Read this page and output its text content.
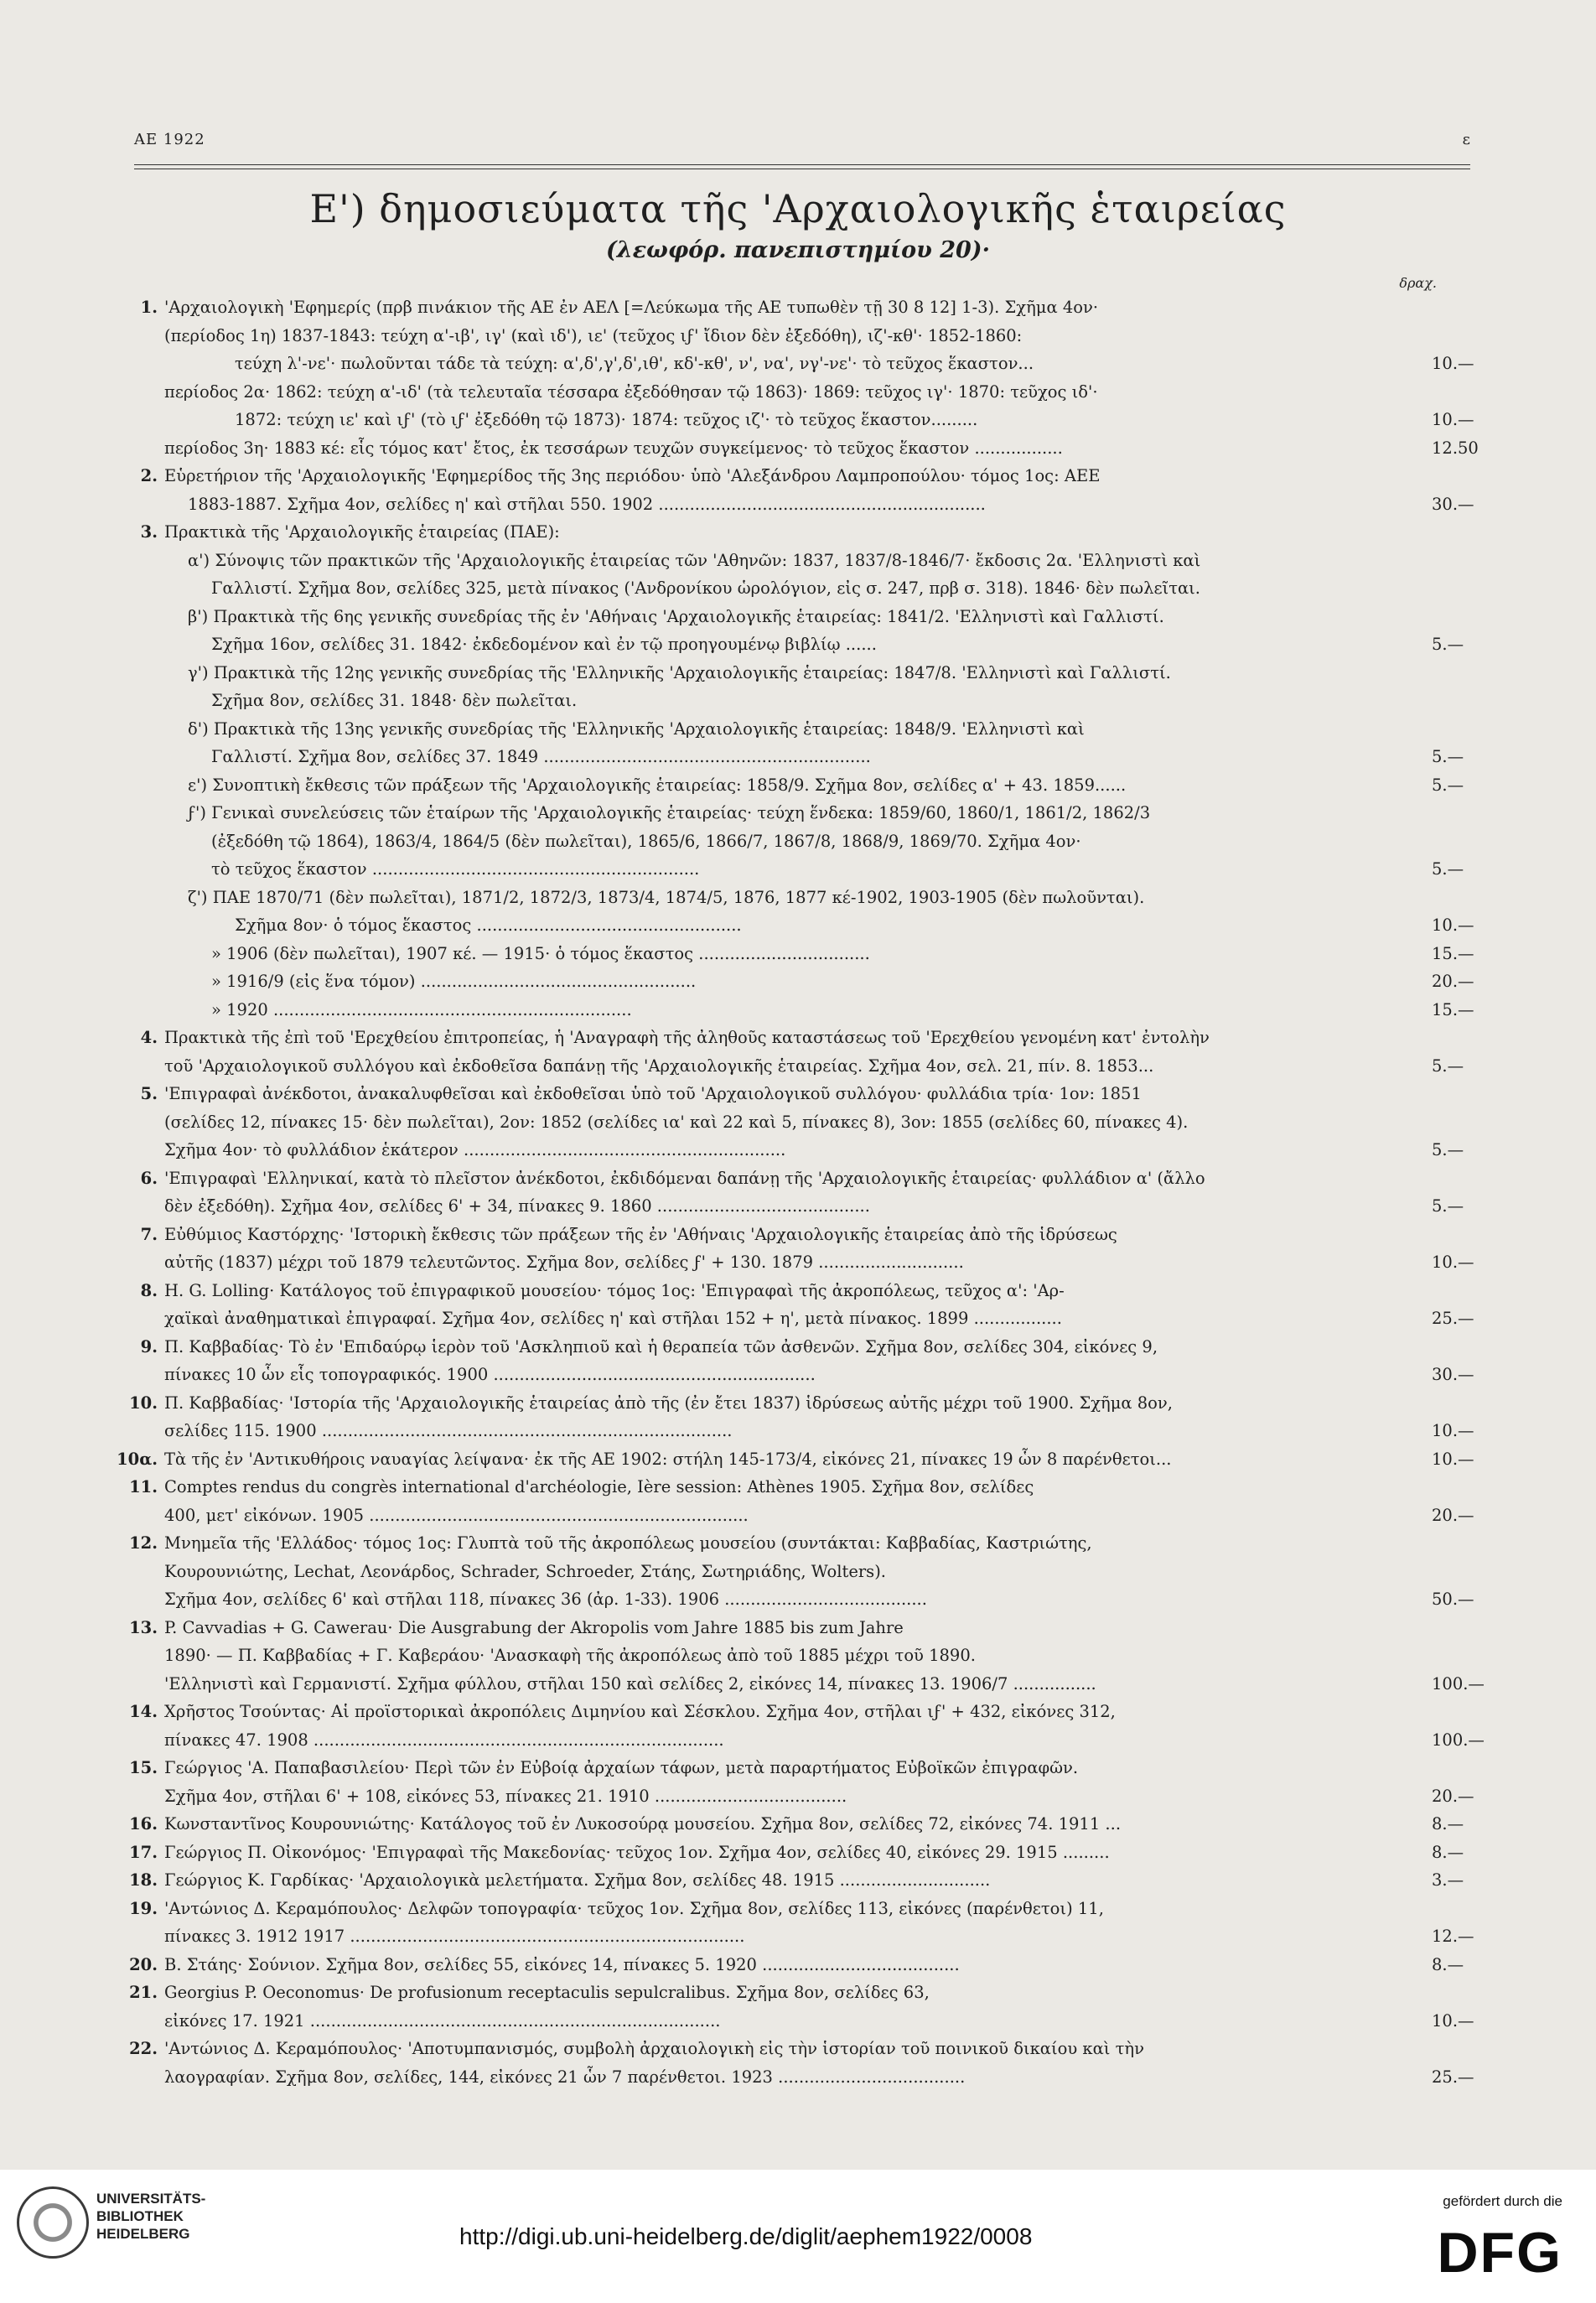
ΑΕ 1922	ε
Ε') δημοσιεύματα τῆς 'Αρχαιολογικῆς ἑταιρείας
(λεωφόρ. πανεπιστημίου 20)·
δραχ.
1. 'Αρχαιολογικὴ 'Εφημερίς (πρβ πινάκιον τῆς ΑΕ ἐν ΑΕΛ [=Λεύκωμα τῆς ΑΕ τυπωθὲν τῇ 30 8 12] 1-3). Σχῆμα 4ον·
(περίοδος 1η) 1837-1843: τεύχη α'-ιβ', ιγ' (καὶ ιδ'), ιε' (τεῦχος ιϝ' ἴδιον δὲν ἐξεδόθη), ιζ'-κθ'· 1852-1860:
τεύχη λ'-νε'· πωλοῦνται τάδε τὰ τεύχη: α',δ',γ',δ',ιθ', κδ'-κθ', ν', να', νγ'-νε'· τὸ τεῦχος ἕκαστον...	10.—
περίοδος 2α· 1862: τεύχη α'-ιδ' (τὰ τελευταῖα τέσσαρα ἐξεδόθησαν τῷ 1863)· 1869: τεῦχος ιγ'· 1870: τεῦχος ιδ'·
1872: τεύχη ιε' καὶ ιϝ' (τὸ ιϝ' ἐξεδόθη τῷ 1873)· 1874: τεῦχος ιζ'· τὸ τεῦχος ἕκαστον.........	10.—
περίοδος 3η· 1883 κέ: εἷς τόμος κατ' ἔτος, ἐκ τεσσάρων τευχῶν συγκείμενος· τὸ τεῦχος ἕκαστον .................	12.50
2. Εὑρετήριον τῆς 'Αρχαιολογικῆς 'Εφημερίδος τῆς 3ης περιόδου· ὑπὸ 'Αλεξάνδρου Λαμπροπούλου· τόμος 1ος: ΑΕΕ
1883-1887. Σχῆμα 4ον, σελίδες η' καὶ στῆλαι 550. 1902 ...............................................................	30.—
3. Πρακτικὰ τῆς 'Αρχαιολογικῆς ἑταιρείας (ΠΑΕ):
α') Σύνοψις τῶν πρακτικῶν τῆς 'Αρχαιολογικῆς ἑταιρείας τῶν 'Αθηνῶν: 1837, 1837/8-1846/7· ἔκδοσις 2α. 'Ελληνιστὶ καὶ
Γαλλιστί. Σχῆμα 8ον, σελίδες 325, μετὰ πίνακος ('Ανδρονίκου ὡρολόγιον, εἰς σ. 247, πρβ σ. 318). 1846· δὲν πωλεῖται.
β') Πρακτικὰ τῆς 6ης γενικῆς συνεδρίας τῆς ἐν 'Αθήναις 'Αρχαιολογικῆς ἑταιρείας: 1841/2. 'Ελληνιστὶ καὶ Γαλλιστί.
Σχῆμα 16ον, σελίδες 31. 1842· ἐκδεδομένον καὶ ἐν τῷ προηγουμένῳ βιβλίῳ ......	5.—
γ') Πρακτικὰ τῆς 12ης γενικῆς συνεδρίας τῆς 'Ελληνικῆς 'Αρχαιολογικῆς ἑταιρείας: 1847/8. 'Ελληνιστὶ καὶ Γαλλιστί.
Σχῆμα 8ον, σελίδες 31. 1848· δὲν πωλεῖται.
δ') Πρακτικὰ τῆς 13ης γενικῆς συνεδρίας τῆς 'Ελληνικῆς 'Αρχαιολογικῆς ἑταιρείας: 1848/9. 'Ελληνιστὶ καὶ
Γαλλιστί. Σχῆμα 8ον, σελίδες 37. 1849 ...............................................................	5.—
ε') Συνοπτικὴ ἔκθεσις τῶν πράξεων τῆς 'Αρχαιολογικῆς ἑταιρείας: 1858/9. Σχῆμα 8ον, σελίδες α' + 43. 1859......	5.—
ϝ') Γενικαὶ συνελεύσεις τῶν ἑταίρων τῆς 'Αρχαιολογικῆς ἑταιρείας· τεύχη ἕνδεκα: 1859/60, 1860/1, 1861/2, 1862/3
(ἐξεδόθη τῷ 1864), 1863/4, 1864/5 (δὲν πωλεῖται), 1865/6, 1866/7, 1867/8, 1868/9, 1869/70. Σχῆμα 4ον·
τὸ τεῦχος ἕκαστον ...............................................................	5.—
ζ') ΠΑΕ 1870/71 (δὲν πωλεῖται), 1871/2, 1872/3, 1873/4, 1874/5, 1876, 1877 κέ-1902, 1903-1905 (δὲν πωλοῦνται).
Σχῆμα 8ον· ὁ τόμος ἕκαστος ...................................................	10.—
» 1906 (δὲν πωλεῖται), 1907 κέ. — 1915· ὁ τόμος ἕκαστος .................................	15.—
» 1916/9 (εἰς ἕνα τόμον) .....................................................	20.—
» 1920 .....................................................................	15.—
4. Πρακτικὰ τῆς ἐπὶ τοῦ 'Ερεχθείου ἐπιτροπείας, ἡ 'Αναγραφὴ τῆς ἀληθοῦς καταστάσεως τοῦ 'Ερεχθείου γενομένη κατ' ἐντολὴν
τοῦ 'Αρχαιολογικοῦ συλλόγου καὶ ἐκδοθεῖσα δαπάνῃ τῆς 'Αρχαιολογικῆς ἑταιρείας. Σχῆμα 4ον, σελ. 21, πίν. 8. 1853...	5.—
5. 'Επιγραφαὶ ἀνέκδοτοι, ἀνακαλυφθεῖσαι καὶ ἐκδοθεῖσαι ὑπὸ τοῦ 'Αρχαιολογικοῦ συλλόγου· φυλλάδια τρία· 1ον: 1851
(σελίδες 12, πίνακες 15· δὲν πωλεῖται), 2ον: 1852 (σελίδες ια' καὶ 22 καὶ 5, πίνακες 8), 3ον: 1855 (σελίδες 60, πίνακες 4).
Σχῆμα 4ον· τὸ φυλλάδιον ἑκάτερον ..............................................................	5.—
6. 'Επιγραφαὶ 'Ελληνικαί, κατὰ τὸ πλεῖστον ἀνέκδοτοι, ἐκδιδόμεναι δαπάνῃ τῆς 'Αρχαιολογικῆς ἑταιρείας· φυλλάδιον α' (ἄλλο
δὲν ἐξεδόθη). Σχῆμα 4ον, σελίδες 6' + 34, πίνακες 9. 1860 .........................................	5.—
7. Εὐθύμιος Καστόρχης· 'Ιστορικὴ ἔκθεσις τῶν πράξεων τῆς ἐν 'Αθήναις 'Αρχαιολογικῆς ἑταιρείας ἀπὸ τῆς ἱδρύσεως
αὐτῆς (1837) μέχρι τοῦ 1879 τελευτῶντος. Σχῆμα 8ον, σελίδες ϝ' + 130. 1879 ............................	10.—
8. H. G. Lolling· Κατάλογος τοῦ ἐπιγραφικοῦ μουσείου· τόμος 1ος: 'Επιγραφαὶ τῆς ἀκροπόλεως, τεῦχος α': 'Αρ-
χαϊκαὶ ἀναθηματικαὶ ἐπιγραφαί. Σχῆμα 4ον, σελίδες η' καὶ στῆλαι 152 + η', μετὰ πίνακος. 1899 .................	25.—
9. Π. Καββαδίας· Τὸ ἐν 'Επιδαύρῳ ἱερὸν τοῦ 'Ασκληπιοῦ καὶ ἡ θεραπεία τῶν ἀσθενῶν. Σχῆμα 8ον, σελίδες 304, εἰκόνες 9,
πίνακες 10 ὧν εἷς τοπογραφικός. 1900 ..............................................................	30.—
10. Π. Καββαδίας· 'Ιστορία τῆς 'Αρχαιολογικῆς ἑταιρείας ἀπὸ τῆς (ἐν ἔτει 1837) ἱδρύσεως αὐτῆς μέχρι τοῦ 1900. Σχῆμα 8ον,
σελίδες 115. 1900 ...............................................................................	10.—
10α. Τὰ τῆς ἐν 'Αντικυθήροις ναυαγίας λείψανα· ἐκ τῆς ΑΕ 1902: στήλη 145-173/4, εἰκόνες 21, πίνακες 19 ὧν 8 παρένθετοι...	10.—
11. Comptes rendus du congrès international d'archéologie, Ière session: Athènes 1905. Σχῆμα 8ον, σελίδες
400, μετ' εἰκόνων. 1905 .........................................................................	20.—
12. Μνημεῖα τῆς 'Ελλάδος· τόμος 1ος: Γλυπτὰ τοῦ τῆς ἀκροπόλεως μουσείου (συντάκται: Καββαδίας, Καστριώτης,
Κουρουνιώτης, Lechat, Λεονάρδος, Schrader, Schroeder, Στάης, Σωτηριάδης, Wolters).
Σχῆμα 4ον, σελίδες 6' καὶ στῆλαι 118, πίνακες 36 (ἀρ. 1-33). 1906 .......................................	50.—
13. P. Cavvadias + G. Cawerau· Die Ausgrabung der Akropolis vom Jahre 1885 bis zum Jahre
1890· — Π. Καββαδίας + Γ. Καβεράου· 'Ανασκαφὴ τῆς ἀκροπόλεως ἀπὸ τοῦ 1885 μέχρι τοῦ 1890.
'Ελληνιστὶ καὶ Γερμανιστί. Σχῆμα φύλλου, στῆλαι 150 καὶ σελίδες 2, εἰκόνες 14, πίνακες 13. 1906/7 ................	100.—
14. Χρῆστος Τσούντας· Αἱ προϊστορικαὶ ἀκροπόλεις Διμηνίου καὶ Σέσκλου. Σχῆμα 4ον, στῆλαι ιϝ' + 432, εἰκόνες 312,
πίνακες 47. 1908 ...............................................................................	100.—
15. Γεώργιος 'Α. Παπαβασιλείου· Περὶ τῶν ἐν Εὐβοίᾳ ἀρχαίων τάφων, μετὰ παραρτήματος Εὐβοϊκῶν ἐπιγραφῶν.
Σχῆμα 4ον, στῆλαι 6' + 108, εἰκόνες 53, πίνακες 21. 1910 .....................................	20.—
16. Κωνσταντῖνος Κουρουνιώτης· Κατάλογος τοῦ ἐν Λυκοσούρᾳ μουσείου. Σχῆμα 8ον, σελίδες 72, εἰκόνες 74. 1911 ...	8.—
17. Γεώργιος Π. Οἰκονόμος· 'Επιγραφαὶ τῆς Μακεδονίας· τεῦχος 1ον. Σχῆμα 4ον, σελίδες 40, εἰκόνες 29. 1915 .........	8.—
18. Γεώργιος Κ. Γαρδίκας· 'Αρχαιολογικὰ μελετήματα. Σχῆμα 8ον, σελίδες 48. 1915 .............................	3.—
19. 'Αντώνιος Δ. Κεραμόπουλος· Δελφῶν τοπογραφία· τεῦχος 1ον. Σχῆμα 8ον, σελίδες 113, εἰκόνες (παρένθετοι) 11,
πίνακες 3. 1912 1917 ............................................................................	12.—
20. Β. Στάης· Σούνιον. Σχῆμα 8ον, σελίδες 55, εἰκόνες 14, πίνακες 5. 1920 ......................................	8.—
21. Georgius P. Oeconomus· De profusionum receptaculis sepulcralibus. Σχῆμα 8ον, σελίδες 63,
εἰκόνες 17. 1921 ...............................................................................	10.—
22. 'Αντώνιος Δ. Κεραμόπουλος· 'Αποτυμπανισμός, συμβολὴ ἀρχαιολογικὴ εἰς τὴν ἱστορίαν τοῦ ποινικοῦ δικαίου καὶ τὴν
λαογραφίαν. Σχῆμα 8ον, σελίδες, 144, εἰκόνες 21 ὧν 7 παρένθετοι. 1923 ....................................	25.—
UNIVERSITÄTS-
BIBLIOTHEK
HEIDELBERG	http://digi.ub.uni-heidelberg.de/diglit/aephem1922/0008
gefördert durch die
DFG
